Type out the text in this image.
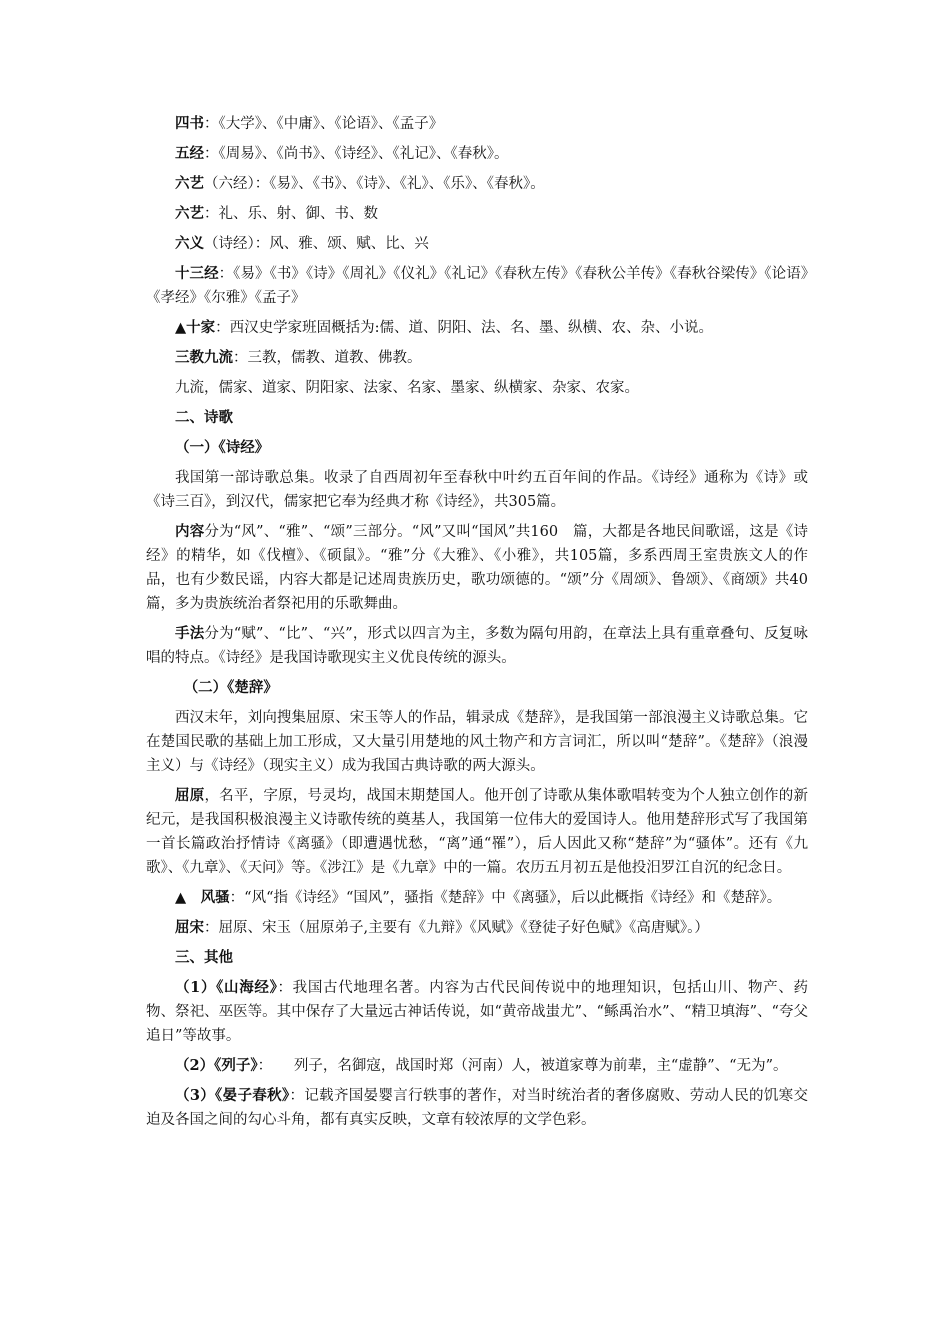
四书：《大学》、《中庸》、《论语》、《孟子》

五经：《周易》、《尚书》、《诗经》、《礼记》、《春秋》。

六艺（六经）：《易》、《书》、《诗》、《礼》、《乐》、《春秋》。

六艺：礼、乐、射、御、书、数

六义（诗经）：风、雅、颂、赋、比、兴

十三经：《易》《书》《诗》《周礼》《仪礼》《礼记》《春秋左传》《春秋公羊传》《春秋谷梁传》《论语》《孝经》《尔雅》《孟子》

▲十家：西汉史学家班固概括为:儒、道、阴阳、法、名、墨、纵横、农、杂、小说。

三教九流：三教，儒教、道教、佛教。

九流，儒家、道家、阴阳家、法家、名家、墨家、纵横家、杂家、农家。

二、诗歌

（一）《诗经》

我国第一部诗歌总集。收录了自西周初年至春秋中叶约五百年间的作品。《诗经》通称为《诗》或《诗三百》，到汉代，儒家把它奉为经典才称《诗经》，共305篇。

内容分为“风”、“雅”、“颂”三部分。“风”又叫“国风”共160　篇，大都是各地民间歌谣，这是《诗经》的精华，如《伐檀》、《硕鼠》。“雅”分《大雅》、《小雅》，共105篇，多系西周王室贵族文人的作品，也有少数民谣，内容大都是记述周贵族历史，歌功颂德的。“颂”分《周颂》、鲁颂》、《商颂》共40　篇，多为贵族统治者祭祀用的乐歌舞曲。

手法分为“赋”、“比”、“兴”，形式以四言为主，多数为隔句用韵，在章法上具有重章叠句、反复咏唱的特点。《诗经》是我国诗歌现实主义优良传统的源头。

（二）《楚辞》

西汉末年，刘向搜集屈原、宋玉等人的作品，辑录成《楚辞》，是我国第一部浪漫主义诗歌总集。它在楚国民歌的基础上加工形成，又大量引用楚地的风土物产和方言词汇，所以叫“楚辞”。《楚辞》（浪漫主义）与《诗经》（现实主义）成为我国古典诗歌的两大源头。

屈原，名平，字原，号灵均，战国末期楚国人。他开创了诗歌从集体歌唱转变为个人独立创作的新纪元，是我国积极浪漫主义诗歌传统的奠基人，我国第一位伟大的爱国诗人。他用楚辞形式写了我国第一首长篇政治抒情诗《离骚》（即遭遇忧愁，“离”通“罹”），后人因此又称“楚辞”为“骚体”。还有《九歌》、《九章》、《天问》等。《涉江》是《九章》中的一篇。农历五月初五是他投汨罗江自沉的纪念日。

▲　风骚：“风“指《诗经》“国风”，骚指《楚辞》中《离骚》，后以此概指《诗经》和《楚辞》。

屈宋：屈原、宋玉（屈原弟子,主要有《九辩》《风赋》《登徒子好色赋》《高唐赋》。）

三、其他

（1）《山海经》：我国古代地理名著。内容为古代民间传说中的地理知识，包括山川、物产、药物、祭祀、巫医等。其中保存了大量远古神话传说，如“黄帝战蚩尤”、“鲧禹治水”、“精卫填海”、“夸父追日”等故事。

（2）《列子》：　　列子，名御寇，战国时郑（河南）人，被道家尊为前辈，主“虚静”、“无为”。

（3）《晏子春秋》：记载齐国晏婴言行轶事的著作，对当时统治者的奢侈腐败、劳动人民的饥寒交迫及各国之间的勾心斗角，都有真实反映，文章有较浓厚的文学色彩。
